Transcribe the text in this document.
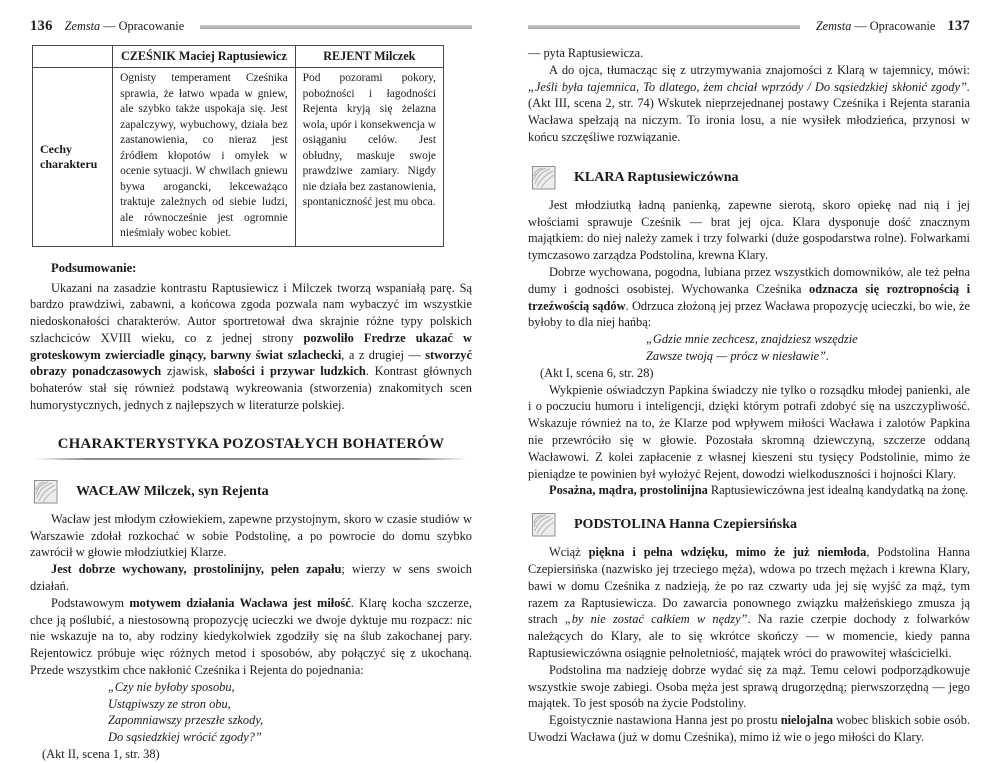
136 Zemsta — Opracowanie
	CZEŚNIK Maciej Raptusiewicz	REJENT Milczek
Cechy charakteru	Ognisty temperament Cześnika sprawia, że łatwo wpada w gniew, ale szybko także uspokaja się. Jest zapalczywy, wybuchowy, działa bez zastanowienia, co nieraz jest źródłem kłopotów i omyłek w ocenie sytuacji. W chwilach gniewu bywa arogancki, lekceważąco traktuje zależnych od siebie ludzi, ale równocześnie jest ogromnie nieśmiały wobec kobiet.	Pod pozorami pokory, pobożności i łagodności Rejenta kryją się żelazna wola, upór i konsekwencja w osiąganiu celów. Jest obłudny, maskuje swoje prawdziwe zamiary. Nigdy nie działa bez zastanowienia, spontaniczność jest mu obca.

Podsumowanie:

Ukazani na zasadzie kontrastu Raptusiewicz i Milczek tworzą wspaniałą parę. Są bardzo prawdziwi, zabawni, a końcowa zgoda pozwala nam wybaczyć im wszystkie niedoskonałości charakterów. Autor sportretował dwa skrajnie różne typy polskich szlachciców XVIII wieku, co z jednej strony pozwoliło Fredrze ukazać w groteskowym zwierciadle ginący, barwny świat szlachecki, a z drugiej — stworzyć obrazy ponadczasowych zjawisk, słabości i przywar ludzkich. Kontrast głównych bohaterów stał się również podstawą wykreowania (stworzenia) znakomitych scen humorystycznych, jednych z najlepszych w literaturze polskiej.

CHARAKTERYSTYKA POZOSTAŁYCH BOHATERÓW
WACŁAW Milczek, syn Rejenta

Wacław jest młodym człowiekiem, zapewne przystojnym, skoro w czasie studiów w Warszawie zdołał rozkochać w sobie Podstolinę, a po powrocie do domu szybko zawrócił w głowie młodziutkiej Klarze.

Jest dobrze wychowany, prostolinijny, pełen zapału; wierzy w sens swoich działań.

Podstawowym motywem działania Wacława jest miłość. Klarę kocha szczerze, chce ją poślubić, a niestosowną propozycję ucieczki we dwoje dyktuje mu rozpacz: nic nie wskazuje na to, aby rodziny kiedykolwiek zgodziły się na ślub zakochanej pary. Rejentowicz próbuje więc różnych metod i sposobów, aby połączyć się z ukochaną. Przede wszystkim chce nakłonić Cześnika i Rejenta do pojednania:

„Czy nie byłoby sposobu,
Ustąpiwszy ze stron obu,
Zapomniawszy przeszłe szkody,
Do sąsiedzkiej wrócić zgody?”

(Akt II, scena 1, str. 38)

Zemsta — Opracowanie 137

— pyta Raptusiewicza.

A do ojca, tłumacząc się z utrzymywania znajomości z Klarą w tajemnicy, mówi: „Jeśli była tajemnica, To dlatego, żem chciał wprzódy / Do sąsiedzkiej skłonić zgody”. (Akt III, scena 2, str. 74) Wskutek nieprzejednanej postawy Cześnika i Rejenta starania Wacława spełzają na niczym. To ironia losu, a nie wysiłek młodzieńca, przynosi w końcu szczęśliwe rozwiązanie.

KLARA Raptusiewiczówna

Jest młodziutką ładną panienką, zapewne sierotą, skoro opiekę nad nią i jej włościami sprawuje Cześnik — brat jej ojca. Klara dysponuje dość znacznym majątkiem: do niej należy zamek i trzy folwarki (duże gospodarstwa rolne). Folwarkami tymczasowo zarządza Podstolina, krewna Klary.

Dobrze wychowana, pogodna, lubiana przez wszystkich domowników, ale też pełna dumy i godności osobistej. Wychowanka Cześnika odznacza się roztropnością i trzeźwością sądów. Odrzuca złożoną jej przez Wacława propozycję ucieczki, bo wie, że byłoby to dla niej hańbą:

„Gdzie mnie zechcesz, znajdziesz wszędzie
Zawsze twoją — prócz w niesławie”.

(Akt I, scena 6, str. 28)

Wykpienie oświadczyn Papkina świadczy nie tylko o rozsądku młodej panienki, ale i o poczuciu humoru i inteligencji, dzięki którym potrafi zdobyć się na uszczypliwość. Wskazuje również na to, że Klarze pod wpływem miłości Wacława i zalotów Papkina nie przewróciło się w głowie. Pozostała skromną dziewczyną, szczerze oddaną Wacławowi. Z kolei zapłacenie z własnej kieszeni stu tysięcy Podstolinie, mimo że pieniądze te powinien był wyłożyć Rejent, dowodzi wielkoduszności i hojności Klary.

Posażna, mądra, prostolinijna Raptusiewiczówna jest idealną kandydatką na żonę.

PODSTOLINA Hanna Czepiersińska

Wciąż piękna i pełna wdzięku, mimo że już niemłoda, Podstolina Hanna Czepiersińska (nazwisko jej trzeciego męża), wdowa po trzech mężach i krewna Klary, bawi w domu Cześnika z nadzieją, że po raz czwarty uda jej się wyjść za mąż, tym razem za Raptusiewicza. Do zawarcia ponownego związku małżeńskiego zmusza ją strach „by nie zostać całkiem w nędzy”. Na razie czerpie dochody z folwarków należących do Klary, ale to się wkrótce skończy — w momencie, kiedy panna Raptusiewiczówna osiągnie pełnoletniość, majątek wróci do prawowitej właścicielki.

Podstolina ma nadzieję dobrze wydać się za mąż. Temu celowi podporządkowuje wszystkie swoje zabiegi. Osoba męża jest sprawą drugorzędną; pierwszorzędną — jego majątek. To jest sposób na życie Podstoliny.

Egoistycznie nastawiona Hanna jest po prostu nielojalna wobec bliskich sobie osób. Uwodzi Wacława (już w domu Cześnika), mimo iż wie o jego miłości do Klary.
